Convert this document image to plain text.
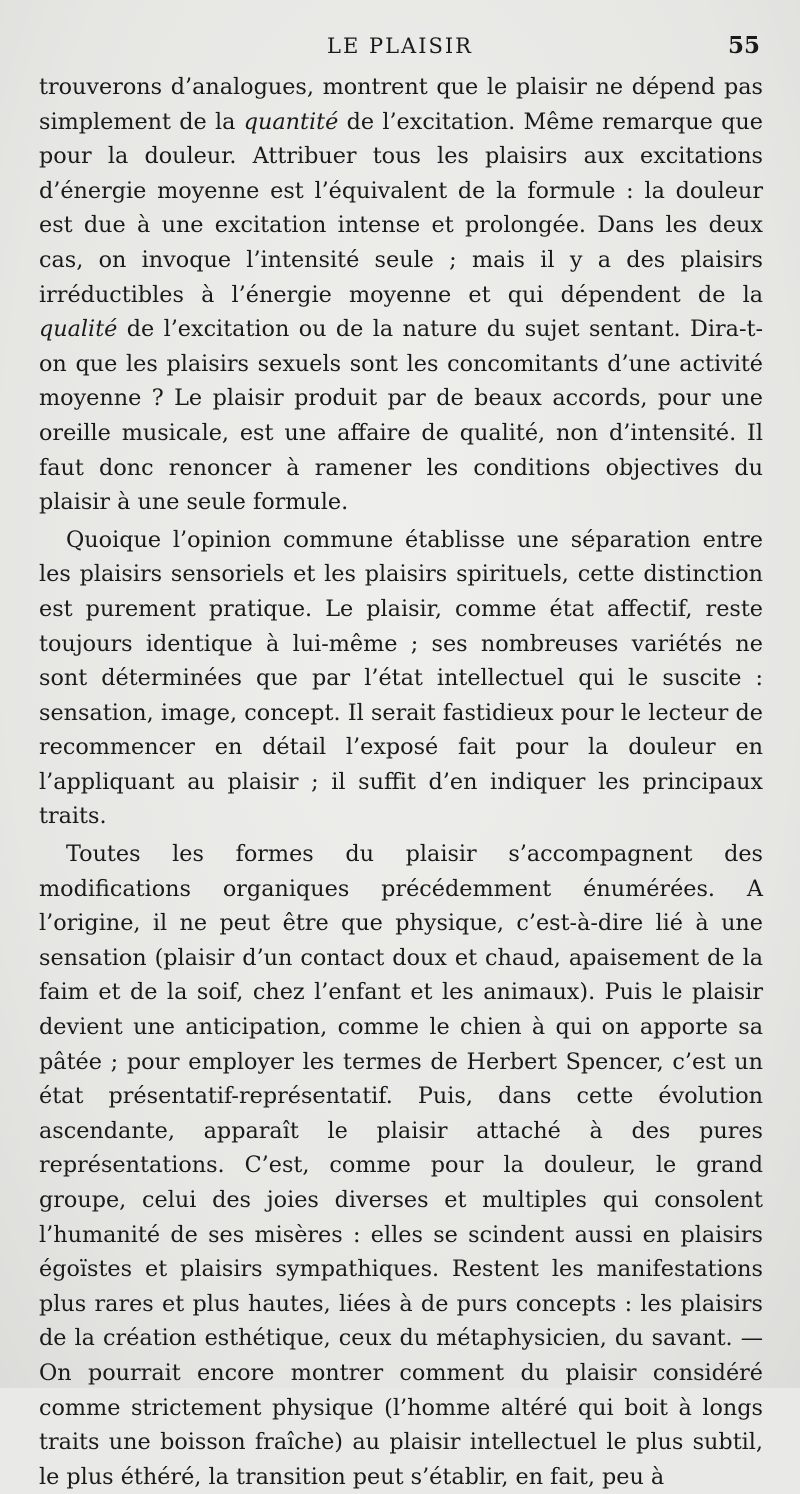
LE PLAISIR	55

trouverons d’analogues, montrent que le plaisir ne dépend pas simplement de la quantité de l’excitation. Même remarque que pour la douleur. Attribuer tous les plaisirs aux excitations d’énergie moyenne est l’équivalent de la formule : la douleur est due à une excitation intense et prolongée. Dans les deux cas, on invoque l’intensité seule ; mais il y a des plaisirs irréductibles à l’énergie moyenne et qui dépendent de la qualité de l’excitation ou de la nature du sujet sentant. Dira-t-on que les plaisirs sexuels sont les concomitants d’une activité moyenne ? Le plaisir produit par de beaux accords, pour une oreille musicale, est une affaire de qualité, non d’intensité. Il faut donc renoncer à ramener les conditions objectives du plaisir à une seule formule.

Quoique l’opinion commune établisse une séparation entre les plaisirs sensoriels et les plaisirs spirituels, cette distinction est purement pratique. Le plaisir, comme état affectif, reste toujours identique à lui-même ; ses nombreuses variétés ne sont déterminées que par l’état intellectuel qui le suscite : sensation, image, concept. Il serait fastidieux pour le lecteur de recommencer en détail l’exposé fait pour la douleur en l’appliquant au plaisir ; il suffit d’en indiquer les principaux traits.

Toutes les formes du plaisir s’accompagnent des modifications organiques précédemment énumérées. A l’origine, il ne peut être que physique, c’est-à-dire lié à une sensation (plaisir d’un contact doux et chaud, apaisement de la faim et de la soif, chez l’enfant et les animaux). Puis le plaisir devient une anticipation, comme le chien à qui on apporte sa pâtée ; pour employer les termes de Herbert Spencer, c’est un état présentatif-représentatif. Puis, dans cette évolution ascendante, apparaît le plaisir attaché à des pures représentations. C’est, comme pour la douleur, le grand groupe, celui des joies diverses et multiples qui consolent l’humanité de ses misères : elles se scindent aussi en plaisirs égoïstes et plaisirs sympathiques. Restent les manifestations plus rares et plus hautes, liées à de purs concepts : les plaisirs de la création esthétique, ceux du métaphysicien, du savant. — On pourrait encore montrer comment du plaisir considéré comme strictement physique (l’homme altéré qui boit à longs traits une boisson fraîche) au plaisir intellectuel le plus subtil, le plus éthéré, la transition peut s’établir, en fait, peu à
